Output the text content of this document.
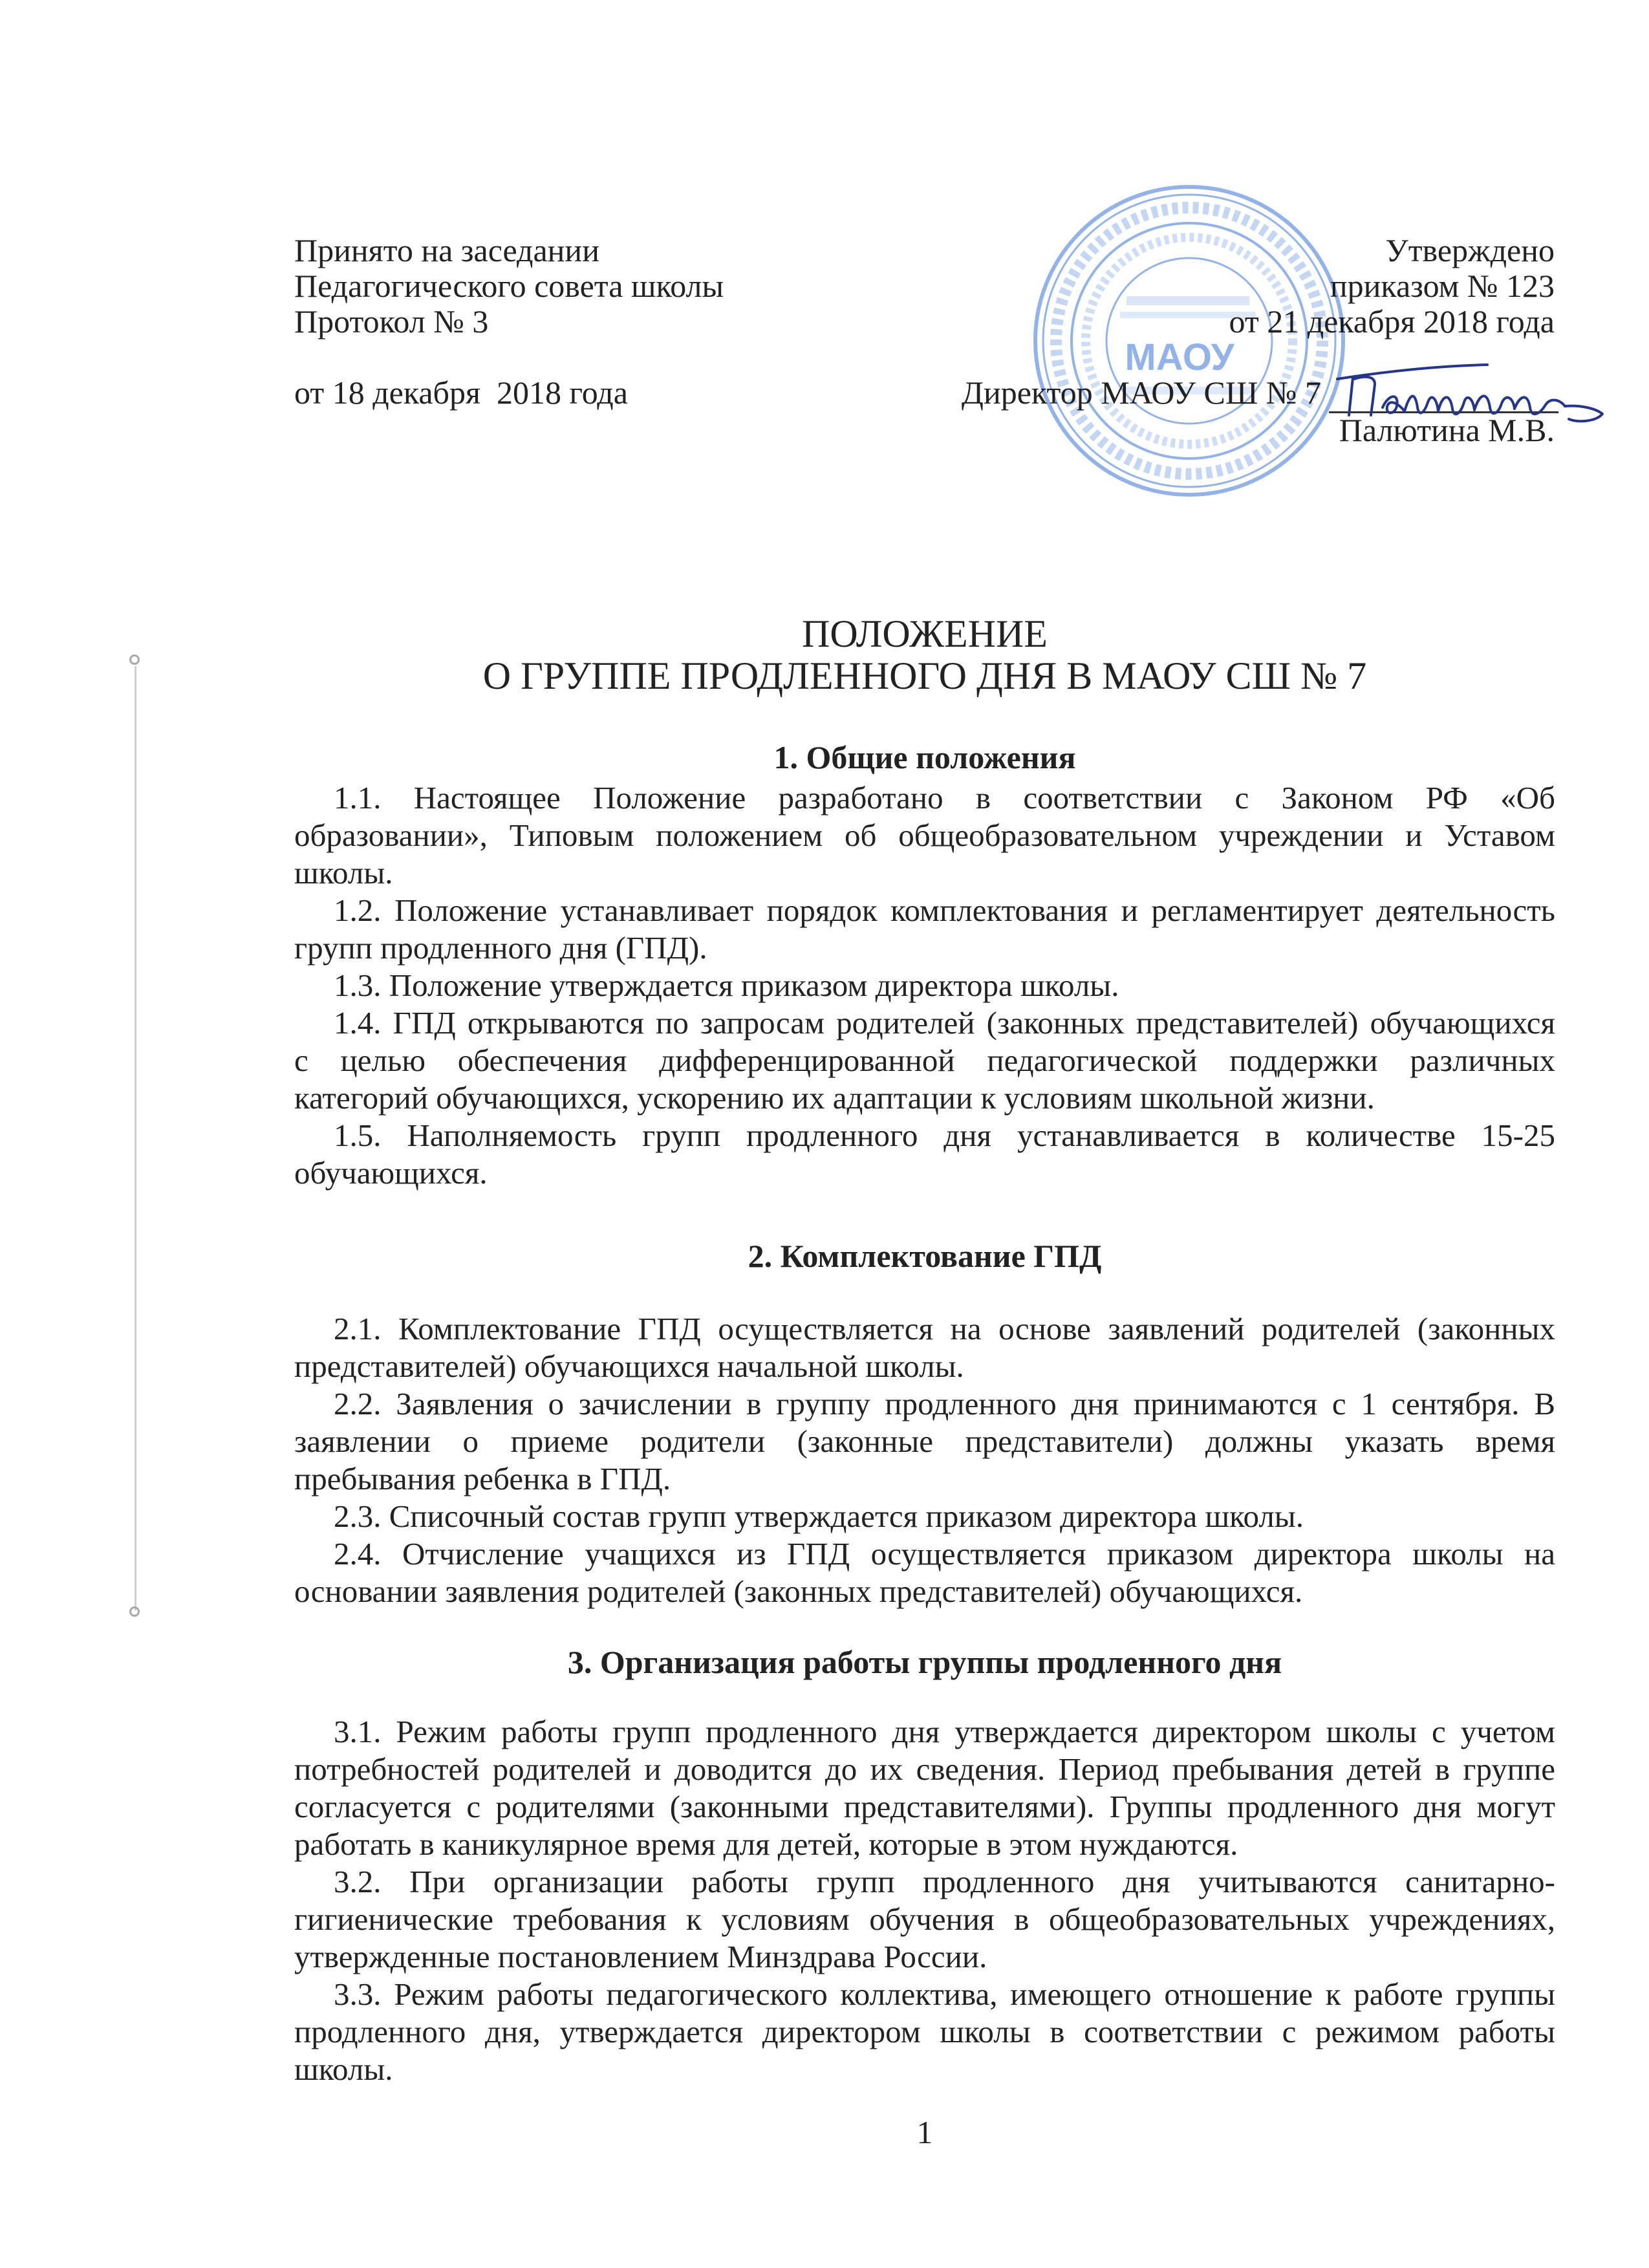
Принято на заседании
Педагогического совета школы
Протокол № 3
от 18 декабря  2018 года
Утверждено
приказом № 123
от 21 декабря 2018 года
Директор МАОУ СШ № 7
Палютина М.В.
МАОУ
ПОЛОЖЕНИЕ
О ГРУППЕ ПРОДЛЕННОГО ДНЯ В МАОУ СШ № 7
1. Общие положения
1.1. Настоящее Положение разработано в соответствии с Законом РФ «Об
образовании», Типовым положением об общеобразовательном учреждении и Уставом
школы.
1.2. Положение устанавливает порядок комплектования и регламентирует деятельность
групп продленного дня (ГПД).
1.3. Положение утверждается приказом директора школы.
1.4. ГПД открываются по запросам родителей (законных представителей) обучающихся
с целью обеспечения дифференцированной педагогической поддержки различных
категорий обучающихся, ускорению их адаптации к условиям школьной жизни.
1.5. Наполняемость групп продленного дня устанавливается в количестве 15-25
обучающихся.
2. Комплектование ГПД
2.1. Комплектование ГПД осуществляется на основе заявлений родителей (законных
представителей) обучающихся начальной школы.
2.2. Заявления о зачислении в группу продленного дня принимаются с 1 сентября. В
заявлении о приеме родители (законные представители) должны указать время
пребывания ребенка в ГПД.
2.3. Списочный состав групп утверждается приказом директора школы.
2.4. Отчисление учащихся из ГПД осуществляется приказом директора школы на
основании заявления родителей (законных представителей) обучающихся.
3. Организация работы группы продленного дня
3.1. Режим работы групп продленного дня утверждается директором школы с учетом
потребностей родителей и доводится до их сведения. Период пребывания детей в группе
согласуется с родителями (законными представителями). Группы продленного дня могут
работать в каникулярное время для детей, которые в этом нуждаются.
3.2. При организации работы групп продленного дня учитываются санитарно-
гигиенические требования к условиям обучения в общеобразовательных учреждениях,
утвержденные постановлением Минздрава России.
3.3. Режим работы педагогического коллектива, имеющего отношение к работе группы
продленного дня, утверждается директором школы в соответствии с режимом работы
школы.
1
